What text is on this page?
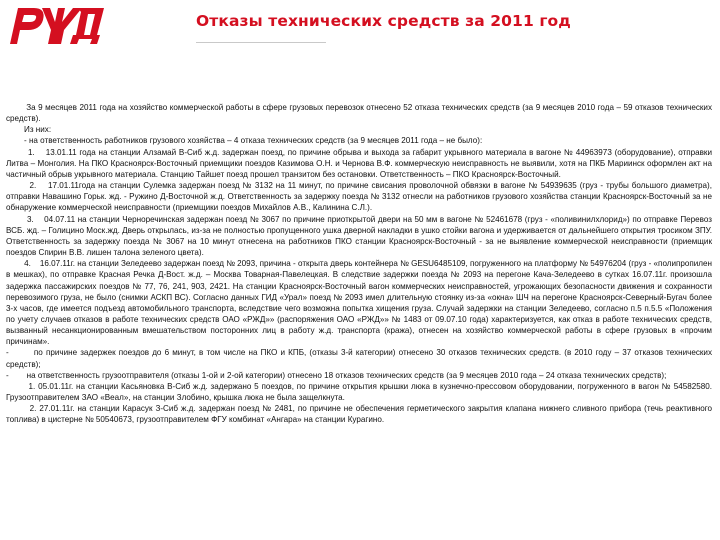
Отказы технических средств за 2011 год

За 9 месяцев 2011 года на хозяйство коммерческой работы в сфере грузовых перевозок отнесено 52 отказа технических средств (за 9 месяцев 2010 года – 59 отказов технических средств).

Из них:

- на ответственность работников грузового хозяйства – 4 отказа технических средств (за 9 месяцев 2011 года – не было):

1.    13.01.11 года на станции Алзамай В-Сиб ж.д. задержан поезд, по причине обрыва и выхода за габарит укрывного материала в вагоне № 44963973 (оборудование), отправки Литва – Монголия. На ПКО Красноярск-Восточный приемщики поездов Казимова О.Н. и Чернова В.Ф. коммерческую неисправность не выявили, хотя на ПКБ Мариинск оформлен акт на частичный обрыв укрывного материала. Станцию Тайшет поезд прошел транзитом без остановки. Ответственность – ПКО Красноярск-Восточный.

2.    17.01.11года на станции Сулемка задержан поезд № 3132 на 11 минут, по причине свисания проволочной обвязки в вагоне № 54939635 (груз - трубы большого диаметра), отправки Навашино Горьк. жд. - Ружино Д-Восточной ж.д. Ответственность за задержку поезда № 3132 отнесли на работников грузового хозяйства станции Красноярск-Восточный за не обнаружение коммерческой неисправности (приемщики поездов Михайлов А.В., Калинина С.Л.).

3.    04.07.11 на станции Черноречинская задержан поезд № 3067 по причине приоткрытой двери на 50 мм в вагоне № 52461678 (груз - «поливинилхлорид») по отправке Перевоз ВСБ. жд. – Голицино Моск.жд. Дверь открылась, из-за не полностью пропущенного ушка дверной накладки в ушко стойки вагона и удерживается от дальнейшего открытия тросиком ЗПУ. Ответственность за задержку поезда № 3067 на 10 минут отнесена на работников ПКО станции Красноярск-Восточный - за не выявление коммерческой неисправности (приемщик поездов Спирин В.В. лишен талона зеленого цвета).

4.    16.07.11г. на станции Зеледеево задержан поезд № 2093, причина - открыта дверь контейнера № GESU6485109, погруженного на платформу № 54976204 (груз - «полипропилен в мешках), по отправке Красная Речка Д-Вост. ж.д. – Москва Товарная-Павелецкая. В следствие задержки поезда № 2093 на перегоне Кача-Зеледеево в сутках 16.07.11г. произошла задержка пассажирских поездов № 77, 76, 241, 903, 2421. На станции Красноярск-Восточный вагон коммерческих неисправностей, угрожающих безопасности движения и сохранности перевозимого груза, не было (снимки АСКП ВС). Согласно данных ГИД «Урал» поезд № 2093 имел длительную стоянку из-за «окна» ШЧ на перегоне Красноярск-Северный-Бугач более 3-х часов, где имеется подъезд автомобильного транспорта, вследствие чего возможна попытка хищения груза. Случай задержки на станции Зеледеево, согласно п.5 п.5.5 «Положения по учету случаев отказов в работе технических средств ОАО «РЖД»» (распоряжения ОАО «РЖД»» № 1483 от 09.07.10 года) характеризуется, как отказ в работе технических средств, вызванный несанкционированным вмешательством посторонних лиц в работу ж.д. транспорта (кража), отнесен на хозяйство коммерческой работы в сфере грузовых в «прочим причинам».

-        по причине задержек поездов до 6 минут, в том числе на ПКО и КПБ, (отказы 3-й категории) отнесено 30 отказов технических средств. (в 2010 году – 37 отказов технических средств);

-        на ответственность грузоотправителя (отказы 1-ой и 2-ой категории) отнесено 18 отказов технических средств (за 9 месяцев 2010 года – 24 отказа технических средств);

1. 05.01.11г. на станции Касьяновка В-Сиб ж.д. задержано 5 поездов, по причине открытия крышки люка в кузнечно-прессовом оборудовании, погруженного в вагон № 54582580. Грузоотправителем ЗАО «Веал», на станции Злобино, крышка люка не была защелкнута.

2. 27.01.11г. на станции Карасук З-Сиб ж.д. задержан поезд № 2481, по причине не обеспечения герметического закрытия клапана нижнего сливного прибора (течь реактивного топлива) в цистерне № 50540673, грузоотправителем ФГУ комбинат «Ангара» на станции Курагино.
